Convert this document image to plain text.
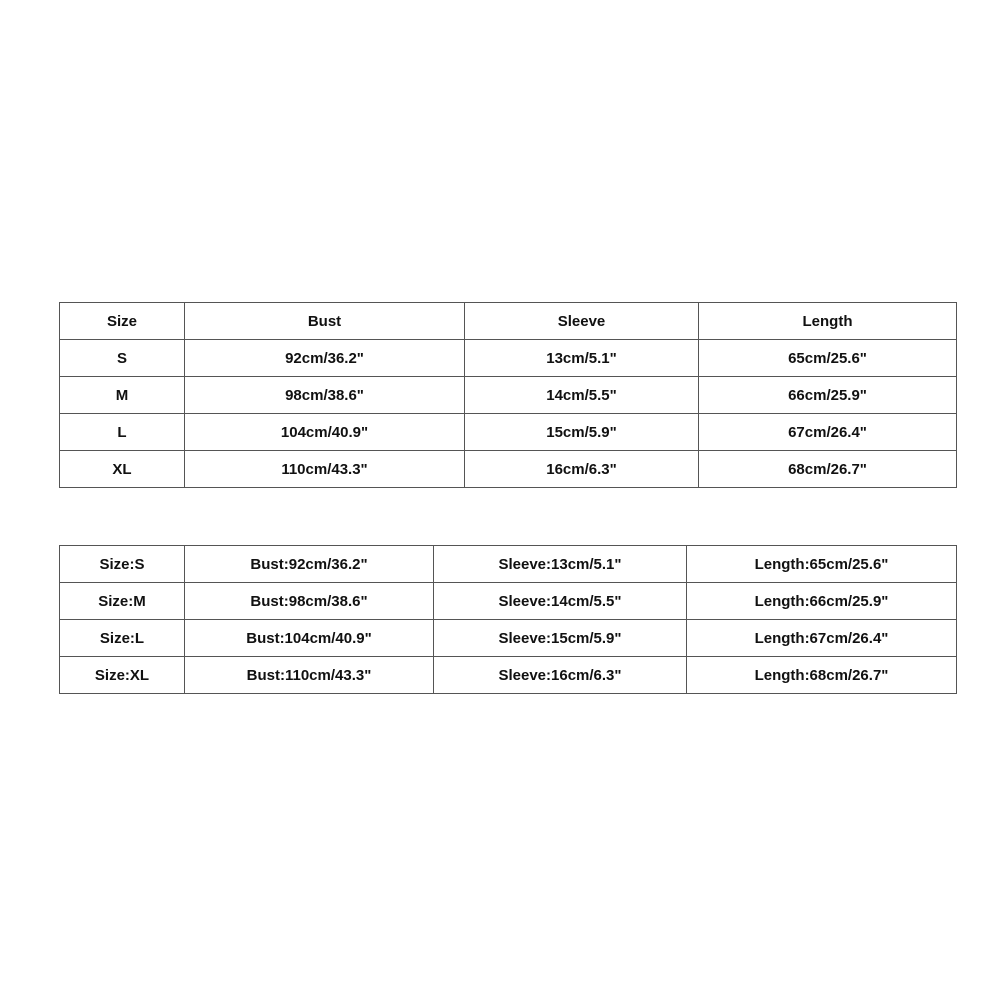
Size	Bust	Sleeve	Length
S	92cm/36.2"	13cm/5.1"	65cm/25.6"
M	98cm/38.6"	14cm/5.5"	66cm/25.9"
L	104cm/40.9"	15cm/5.9"	67cm/26.4"
XL	110cm/43.3"	16cm/6.3"	68cm/26.7"
Size:S	Bust:92cm/36.2"	Sleeve:13cm/5.1"	Length:65cm/25.6"
Size:M	Bust:98cm/38.6"	Sleeve:14cm/5.5"	Length:66cm/25.9"
Size:L	Bust:104cm/40.9"	Sleeve:15cm/5.9"	Length:67cm/26.4"
Size:XL	Bust:110cm/43.3"	Sleeve:16cm/6.3"	Length:68cm/26.7"
